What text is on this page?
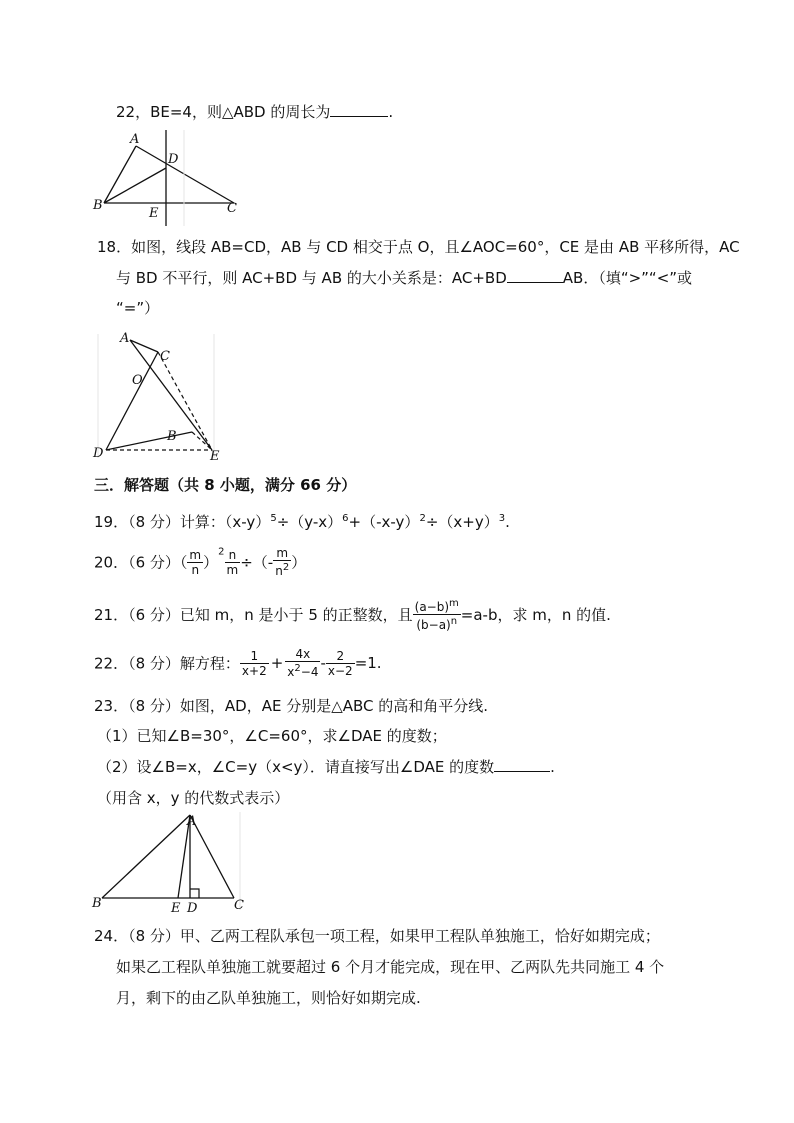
22，BE=4，则△ABD 的周长为	.
A
D
B
E	C
18．如图，线段 AB=CD，AB 与 CD 相交于点 O，且∠AOC=60°，CE 是由 AB 平移所得，AC
与 BD 不平行，则 AC+BD 与 AB 的大小关系是：AC+BD	AB．（填“>”“<”或
“=”）
A
C
O
B
D	E
三．解答题（共 8 小题，满分 66 分）
19．（8 分）计算：$(x-y)^5\div(y-x)^6+(-x-y)^2\div(x+y)^3$.
20．（6 分）（ $\frac{m}{n} )^2 \frac{n}{m}$ ÷（- $\frac{m}{n^2}$ ）
21．（6 分）已知 m，n 是小于 5 的正整数，且 $\frac{(a-b)^m}{(b-a)^n} =a-b$，求 m，n 的值.
22．（8 分）解方程： $\frac{1}{x+2} + \frac{4x}{x^2-4} - \frac{2}{x-2} =1$.
23．（8 分）如图，AD，AE 分别是△ABC 的高和角平分线.
（1）已知∠B=30°，∠C=60°，求∠DAE 的度数；
（2）设∠B=x，∠C=y（x<y）．请直接写出∠DAE 的度数	.
（用含 x，y 的代数式表示）
A
B	E D	C
24．（8 分）甲、乙两工程队承包一项工程，如果甲工程队单独施工，恰好如期完成；
如果乙工程队单独施工就要超过 6 个月才能完成，现在甲、乙两队先共同施工 4 个
月，剩下的由乙队单独施工，则恰好如期完成.
